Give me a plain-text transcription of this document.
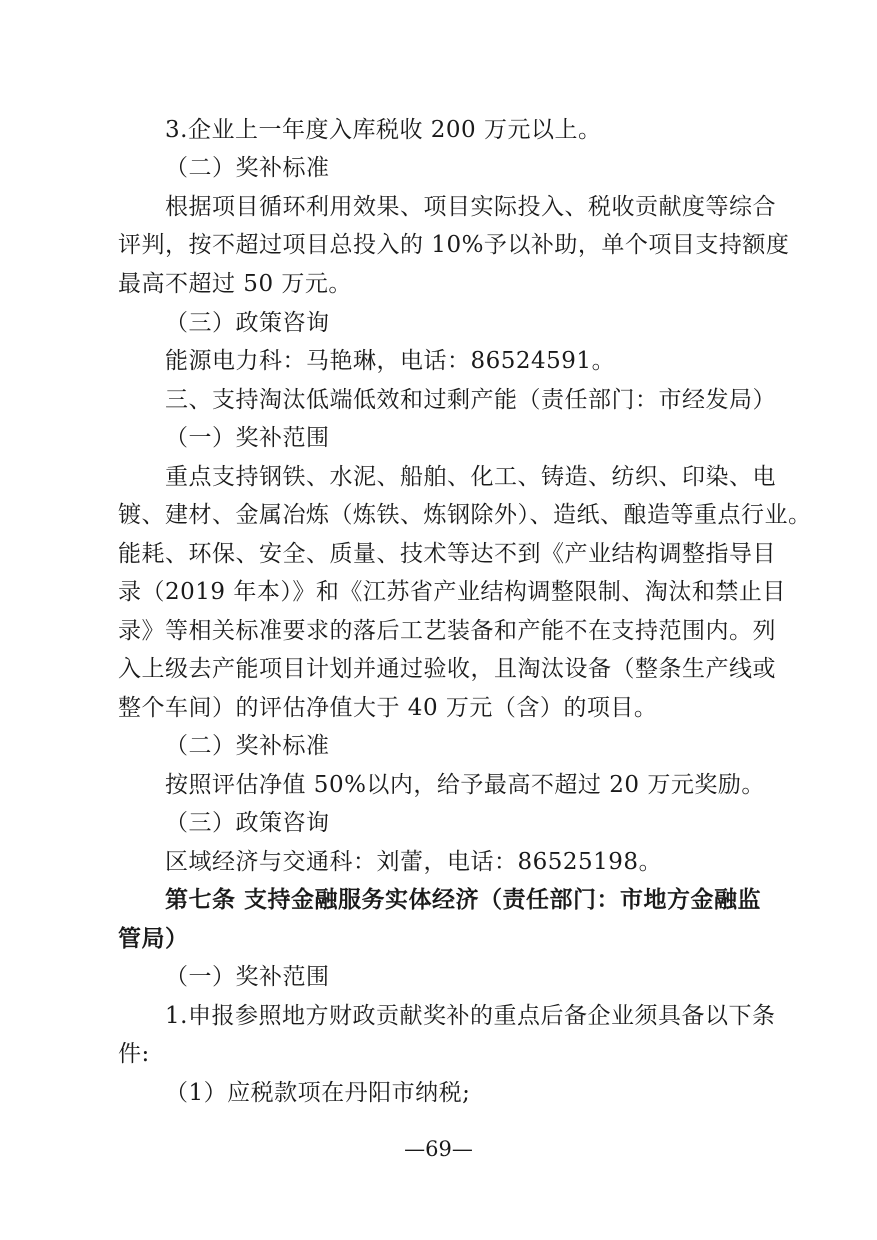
3.企业上一年度入库税收 200 万元以上。
（二）奖补标准
根据项目循环利用效果、项目实际投入、税收贡献度等综合
评判，按不超过项目总投入的 10%予以补助，单个项目支持额度
最高不超过 50 万元。
（三）政策咨询
能源电力科：马艳琳，电话：86524591。
三、支持淘汰低端低效和过剩产能（责任部门：市经发局）
（一）奖补范围
重点支持钢铁、水泥、船舶、化工、铸造、纺织、印染、电
镀、建材、金属冶炼（炼铁、炼钢除外）、造纸、酿造等重点行业。
能耗、环保、安全、质量、技术等达不到《产业结构调整指导目
录（2019 年本）》和《江苏省产业结构调整限制、淘汰和禁止目
录》等相关标准要求的落后工艺装备和产能不在支持范围内。列
入上级去产能项目计划并通过验收，且淘汰设备（整条生产线或
整个车间）的评估净值大于 40 万元（含）的项目。
（二）奖补标准
按照评估净值 50%以内，给予最高不超过 20 万元奖励。
（三）政策咨询
区域经济与交通科：刘蕾，电话：86525198。
第七条 支持金融服务实体经济（责任部门：市地方金融监
管局）
（一）奖补范围
1.申报参照地方财政贡献奖补的重点后备企业须具备以下条
件:
（1）应税款项在丹阳市纳税;
—69—
